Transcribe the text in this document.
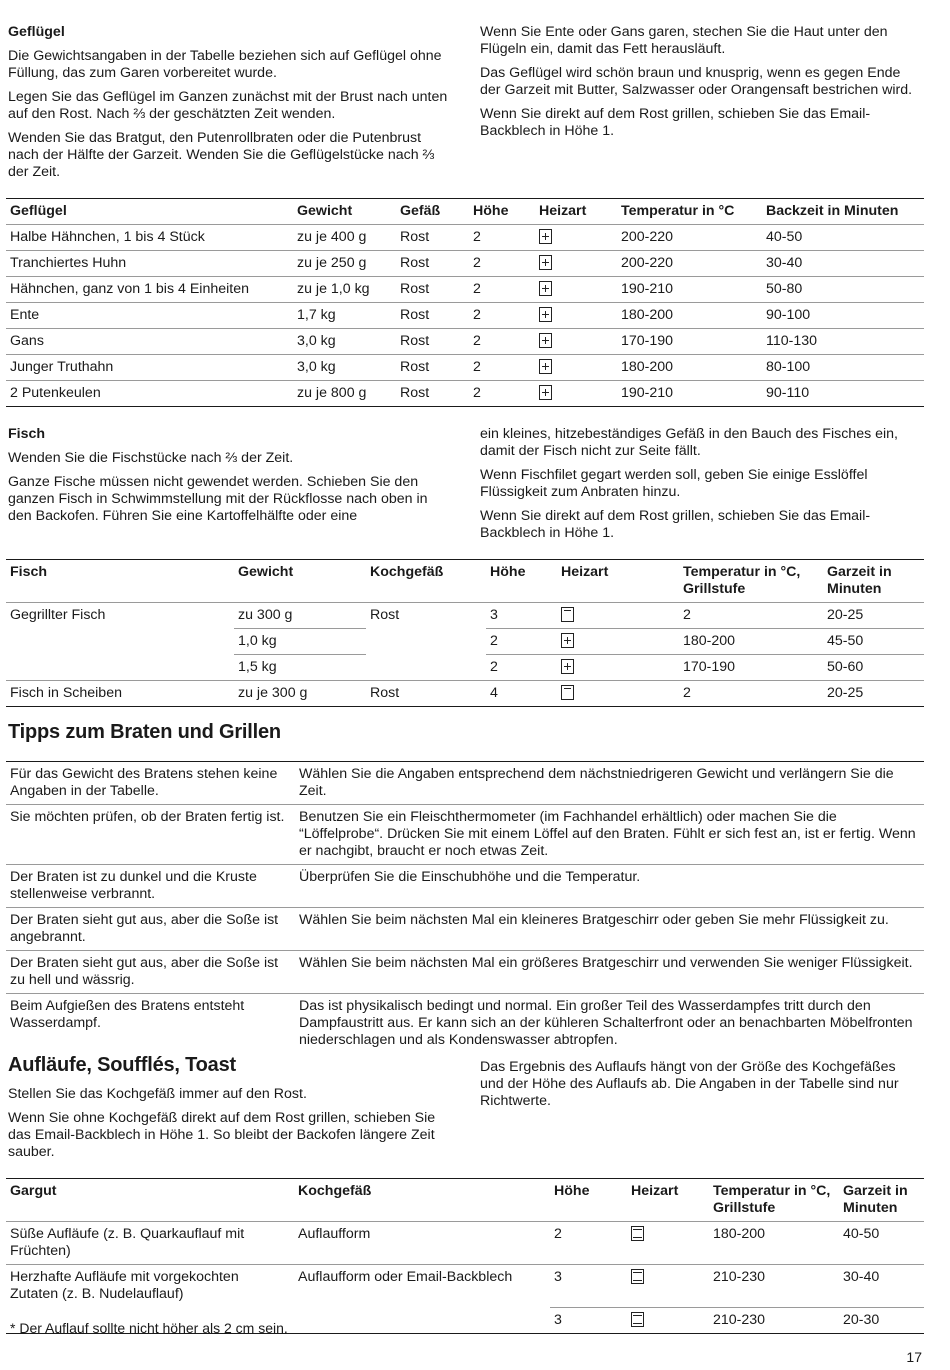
Geflügel

Die Gewichtsangaben in der Tabelle beziehen sich auf Geflügel ohne Füllung, das zum Garen vorbereitet wurde.

Legen Sie das Geflügel im Ganzen zunächst mit der Brust nach unten auf den Rost. Nach ⅔ der geschätzten Zeit wenden.

Wenden Sie das Bratgut, den Putenrollbraten oder die Putenbrust nach der Hälfte der Garzeit. Wenden Sie die Geflügelstücke nach ⅔ der Zeit.

Wenn Sie Ente oder Gans garen, stechen Sie die Haut unter den Flügeln ein, damit das Fett herausläuft.

Das Geflügel wird schön braun und knusprig, wenn es gegen Ende der Garzeit mit Butter, Salzwasser oder Orangensaft bestrichen wird.

Wenn Sie direkt auf dem Rost grillen, schieben Sie das Email-Backblech in Höhe 1.

Geflügel	Gewicht	Gefäß	Höhe	Heizart	Temperatur in °C	Backzeit in Minuten
Halbe Hähnchen, 1 bis 4 Stück	zu je 400 g	Rost	2		200-220	40-50
Tranchiertes Huhn	zu je 250 g	Rost	2		200-220	30-40
Hähnchen, ganz von 1 bis 4 Einheiten	zu je 1,0 kg	Rost	2		190-210	50-80
Ente	1,7 kg	Rost	2		180-200	90-100
Gans	3,0 kg	Rost	2		170-190	110-130
Junger Truthahn	3,0 kg	Rost	2		180-200	80-100
2 Putenkeulen	zu je 800 g	Rost	2		190-210	90-110
Fisch

Wenden Sie die Fischstücke nach ⅔ der Zeit.

Ganze Fische müssen nicht gewendet werden. Schieben Sie den ganzen Fisch in Schwimmstellung mit der Rückflosse nach oben in den Backofen. Führen Sie eine Kartoffelhälfte oder eine

ein kleines, hitzebeständiges Gefäß in den Bauch des Fisches ein, damit der Fisch nicht zur Seite fällt.

Wenn Fischfilet gegart werden soll, geben Sie einige Esslöffel Flüssigkeit zum Anbraten hinzu.

Wenn Sie direkt auf dem Rost grillen, schieben Sie das Email-Backblech in Höhe 1.

Fisch	Gewicht	Kochgefäß	Höhe	Heizart	Temperatur in °C, Grillstufe	Garzeit in Minuten
Gegrillter Fisch	zu 300 g	Rost	3		2	20-25
	1,0 kg		2		180-200	45-50
	1,5 kg		2		170-190	50-60
Fisch in Scheiben	zu je 300 g	Rost	4		2	20-25
Tipps zum Braten und Grillen
Für das Gewicht des Bratens stehen keine Angaben in der Tabelle.	Wählen Sie die Angaben entsprechend dem nächstniedrigeren Gewicht und verlängern Sie die Zeit.
Sie möchten prüfen, ob der Braten fertig ist.	Benutzen Sie ein Fleischthermometer (im Fachhandel erhältlich) oder machen Sie die “Löffelprobe“. Drücken Sie mit einem Löffel auf den Braten. Fühlt er sich fest an, ist er fertig. Wenn er nachgibt, braucht er noch etwas Zeit.
Der Braten ist zu dunkel und die Kruste stellenweise verbrannt.	Überprüfen Sie die Einschubhöhe und die Temperatur.
Der Braten sieht gut aus, aber die Soße ist angebrannt.	Wählen Sie beim nächsten Mal ein kleineres Bratgeschirr oder geben Sie mehr Flüssigkeit zu.
Der Braten sieht gut aus, aber die Soße ist zu hell und wässrig.	Wählen Sie beim nächsten Mal ein größeres Bratgeschirr und verwenden Sie weniger Flüssigkeit.
Beim Aufgießen des Bratens entsteht Wasserdampf.	Das ist physikalisch bedingt und normal. Ein großer Teil des Wasserdampfes tritt durch den Dampfaustritt aus. Er kann sich an der kühleren Schalterfront oder an benachbarten Möbelfronten niederschlagen und als Kondenswasser abtropfen.
Aufläufe, Soufflés, Toast

Stellen Sie das Kochgefäß immer auf den Rost.

Wenn Sie ohne Kochgefäß direkt auf dem Rost grillen, schieben Sie das Email-Backblech in Höhe 1. So bleibt der Backofen längere Zeit sauber.

Das Ergebnis des Auflaufs hängt von der Größe des Kochgefäßes und der Höhe des Auflaufs ab. Die Angaben in der Tabelle sind nur Richtwerte.

Gargut	Kochgefäß	Höhe	Heizart	Temperatur in °C, Grillstufe	Garzeit in Minuten
Süße Aufläufe (z. B. Quarkauflauf mit Früchten)	Auflaufform	2		180-200	40-50
Herzhafte Aufläufe mit vorgekochten Zutaten (z. B. Nudelauflauf)	Auflaufform oder Email-Backblech	3		210-230	30-40
		3		210-230	20-30
* Der Auflauf sollte nicht höher als 2 cm sein.
17
